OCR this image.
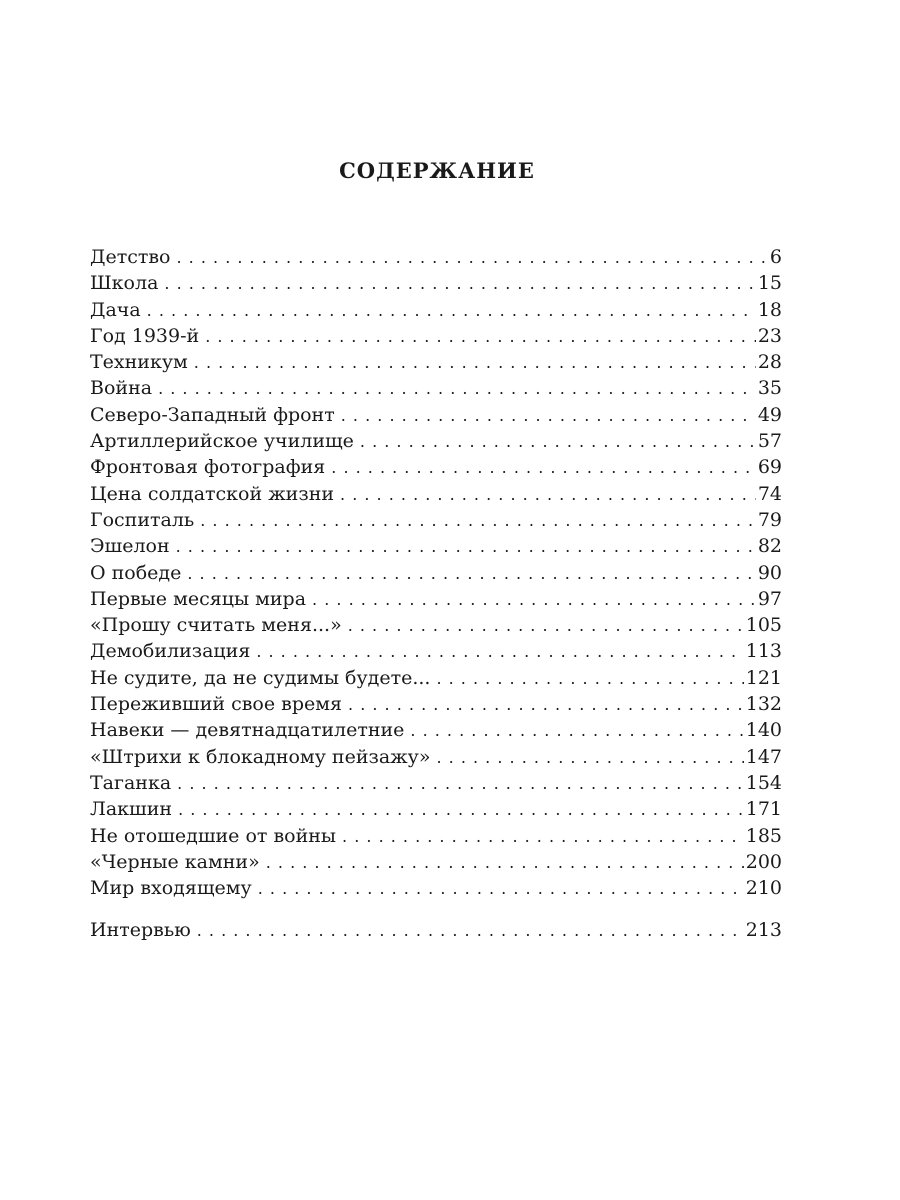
СОДЕРЖАНИЕ
Детство . . .	6
Школа . . .	15
Дача . . .	18
Год 1939-й . . .	23
Техникум . . .	28
Война . . .	35
Северо-Западный фронт . . .	49
Артиллерийское училище . . .	57
Фронтовая фотография . . .	69
Цена солдатской жизни . . .	74
Госпиталь . . .	79
Эшелон . . .	82
О победе . . .	90
Первые месяцы мира . . .	97
«Прошу считать меня...» . . .	105
Демобилизация . . .	113
Не судите, да не судимы будете... . . .	121
Переживший свое время . . .	132
Навеки — девятнадцатилетние . . .	140
«Штрихи к блокадному пейзажу» . . .	147
Таганка . . .	154
Лакшин . . .	171
Не отошедшие от войны . . .	185
«Черные камни» . . .	200
Мир входящему . . .	210
Интервью . . .	213
